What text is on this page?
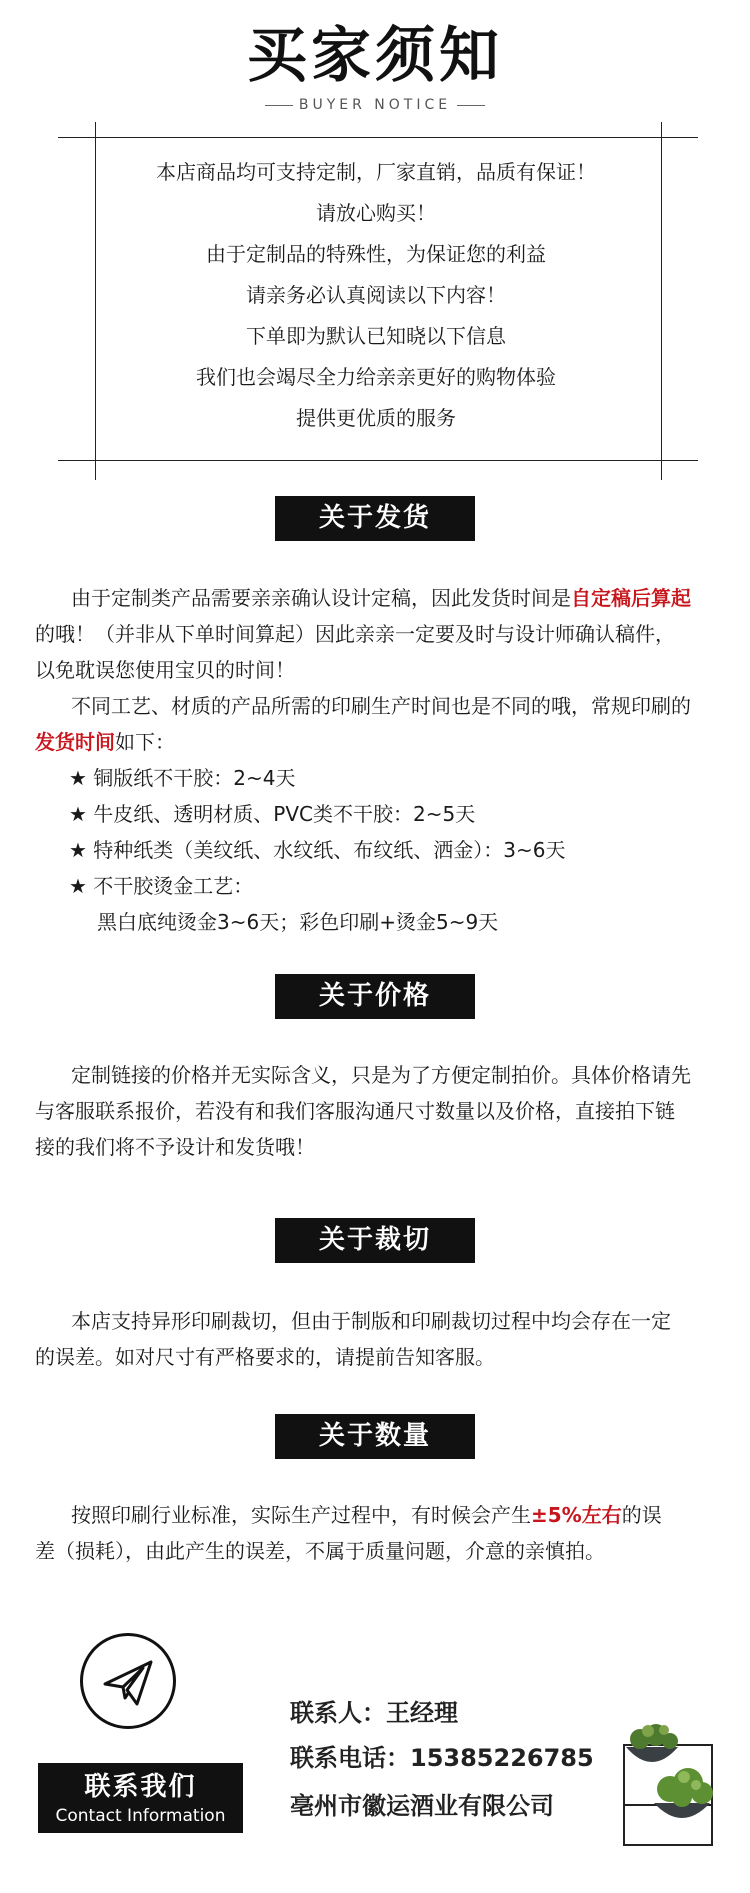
买家须知
BUYER NOTICE

本店商品均可支持定制，厂家直销，品质有保证！

请放心购买！

由于定制品的特殊性，为保证您的利益

请亲务必认真阅读以下内容！

下单即为默认已知晓以下信息

我们也会竭尽全力给亲亲更好的购物体验

提供更优质的服务

关于发货

由于定制类产品需要亲亲确认设计定稿，因此发货时间是自定稿后算起

的哦！（并非从下单时间算起）因此亲亲一定要及时与设计师确认稿件，

以免耽误您使用宝贝的时间！

不同工艺、材质的产品所需的印刷生产时间也是不同的哦，常规印刷的

发货时间如下：

★ 铜版纸不干胶：2~4天

★ 牛皮纸、透明材质、PVC类不干胶：2~5天

★ 特种纸类（美纹纸、水纹纸、布纹纸、洒金）：3~6天

★ 不干胶烫金工艺：

黑白底纯烫金3~6天；彩色印刷+烫金5~9天

关于价格

定制链接的价格并无实际含义，只是为了方便定制拍价。具体价格请先

与客服联系报价，若没有和我们客服沟通尺寸数量以及价格，直接拍下链

接的我们将不予设计和发货哦！

关于裁切

本店支持异形印刷裁切，但由于制版和印刷裁切过程中均会存在一定

的误差。如对尺寸有严格要求的，请提前告知客服。

关于数量

按照印刷行业标准，实际生产过程中，有时候会产生±5%左右的误

差（损耗），由此产生的误差，不属于质量问题，介意的亲慎拍。

联系我们
Contact Information
联系人：王经理
联系电话：15385226785
亳州市徽运酒业有限公司
